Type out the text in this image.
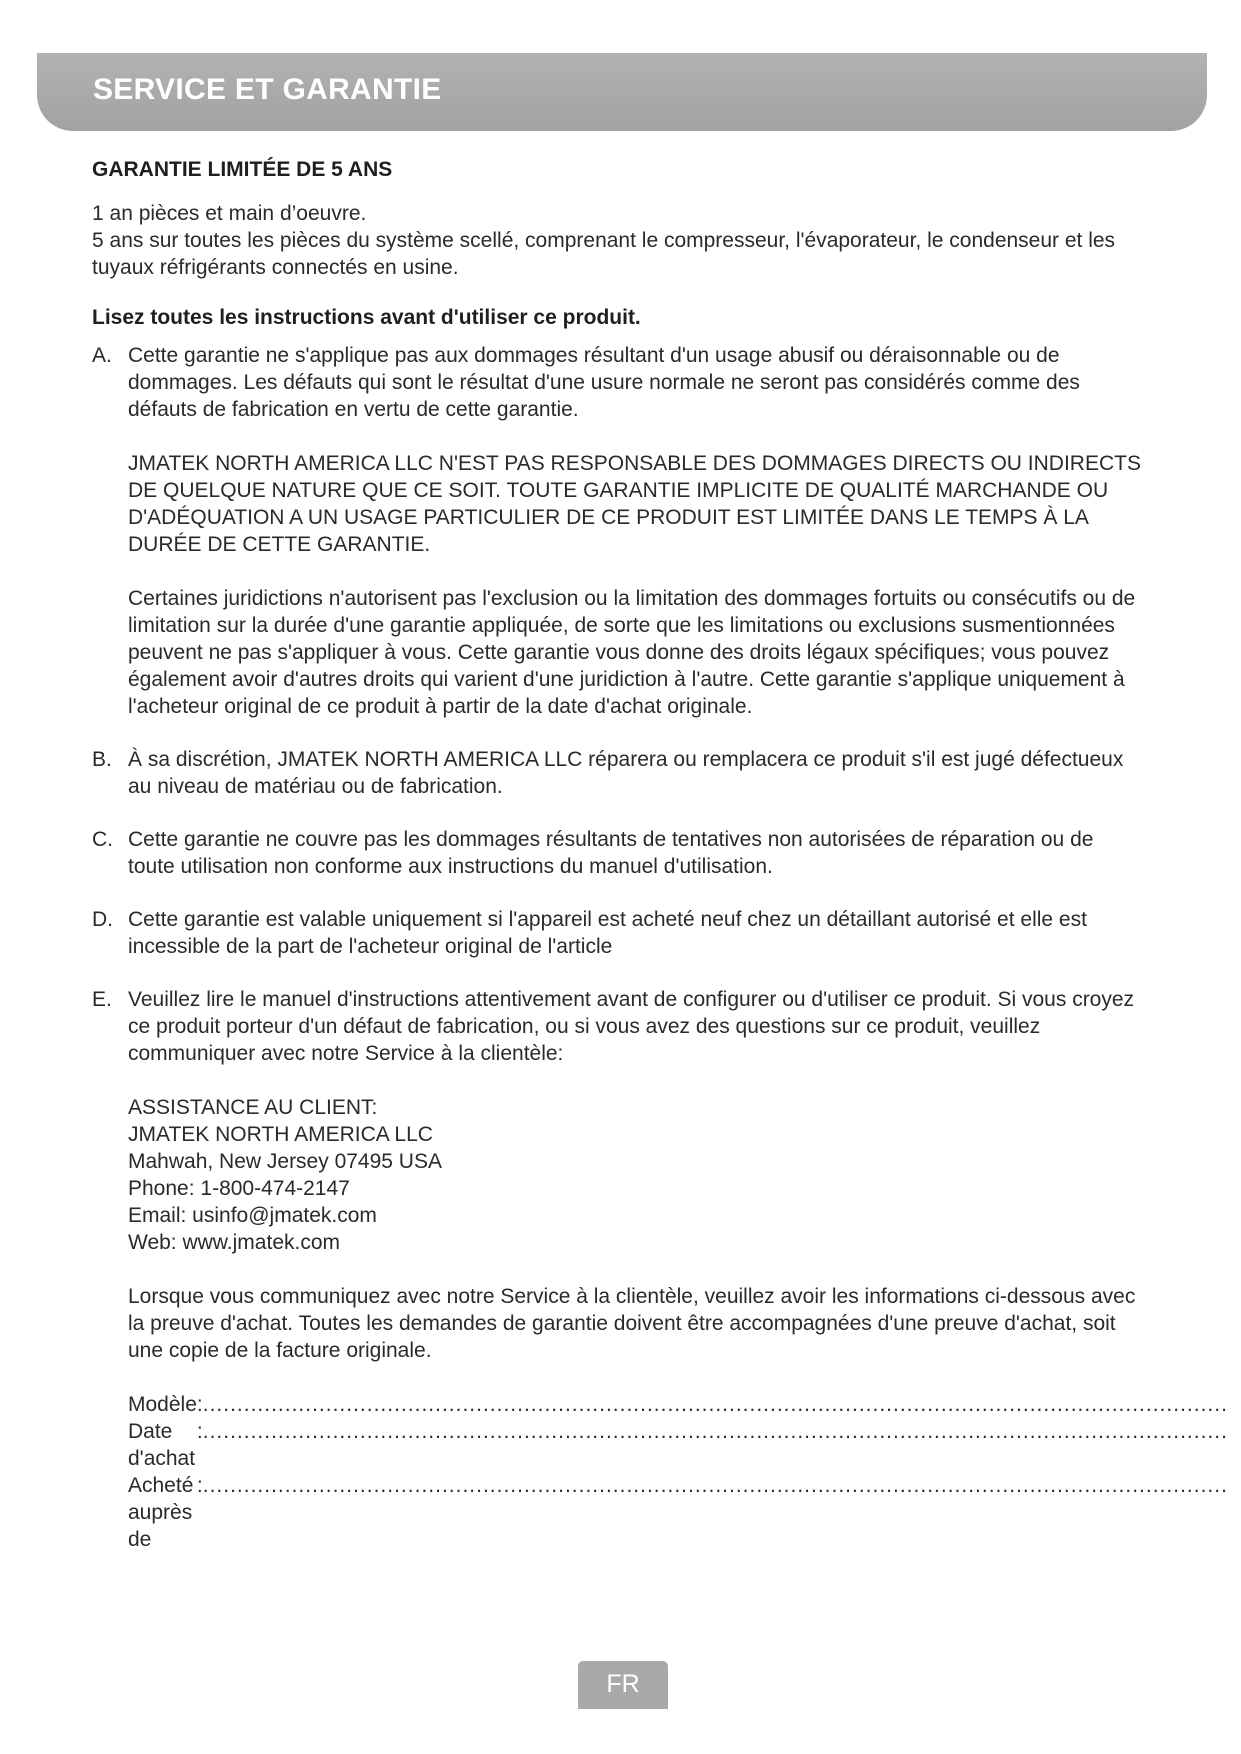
SERVICE ET GARANTIE
GARANTIE LIMITÉE DE 5 ANS

1 an pièces et main d’oeuvre.

5 ans sur toutes les pièces du système scellé, comprenant le compresseur, l'évaporateur, le condenseur et les tuyaux réfrigérants connectés en usine.

Lisez toutes les instructions avant d'utiliser ce produit.

A. Cette garantie ne s'applique pas aux dommages résultant d'un usage abusif ou déraisonnable ou de dommages. Les défauts qui sont le résultat d'une usure normale ne seront pas considérés comme des défauts de fabrication en vertu de cette garantie.

JMATEK NORTH AMERICA LLC N'EST PAS RESPONSABLE DES DOMMAGES DIRECTS OU INDIRECTS DE QUELQUE NATURE QUE CE SOIT. TOUTE GARANTIE IMPLICITE DE QUALITÉ MARCHANDE OU D'ADÉQUATION A UN USAGE PARTICULIER DE CE PRODUIT EST LIMITÉE DANS LE TEMPS À LA DURÉE DE CETTE GARANTIE.

Certaines juridictions n'autorisent pas l'exclusion ou la limitation des dommages fortuits ou consécutifs ou de limitation sur la durée d'une garantie appliquée, de sorte que les limitations ou exclusions susmentionnées peuvent ne pas s'appliquer à vous. Cette garantie vous donne des droits légaux spécifiques; vous pouvez également avoir d'autres droits qui varient d'une juridiction à l'autre. Cette garantie s'applique uniquement à l'acheteur original de ce produit à partir de la date d'achat originale.

B. À sa discrétion, JMATEK NORTH AMERICA LLC réparera ou remplacera ce produit s'il est jugé défectueux au niveau de matériau ou de fabrication.

C. Cette garantie ne couvre pas les dommages résultants de tentatives non autorisées de réparation ou de toute utilisation non conforme aux instructions du manuel d'utilisation.

D. Cette garantie est valable uniquement si l'appareil est acheté neuf chez un détaillant autorisé et elle est incessible de la part de l'acheteur original de l'article

E. Veuillez lire le manuel d'instructions attentivement avant de configurer ou d'utiliser ce produit. Si vous croyez ce produit porteur d'un défaut de fabrication, ou si vous avez des questions sur ce produit, veuillez communiquer avec notre Service à la clientèle:

ASSISTANCE AU CLIENT:
JMATEK NORTH AMERICA LLC
Mahwah, New Jersey 07495 USA
Phone: 1-800-474-2147
Email: usinfo@jmatek.com
Web: www.jmatek.com

Lorsque vous communiquez avec notre Service à la clientèle, veuillez avoir les informations ci-dessous avec la preuve d'achat. Toutes les demandes de garantie doivent être accompagnées d'une preuve d'achat, soit une copie de la facture originale.

Modèle	:	......................................................................................................................................................
Date d'achat	:	......................................................................................................................................................
Acheté auprès de	:	......................................................................................................................................................
FR
